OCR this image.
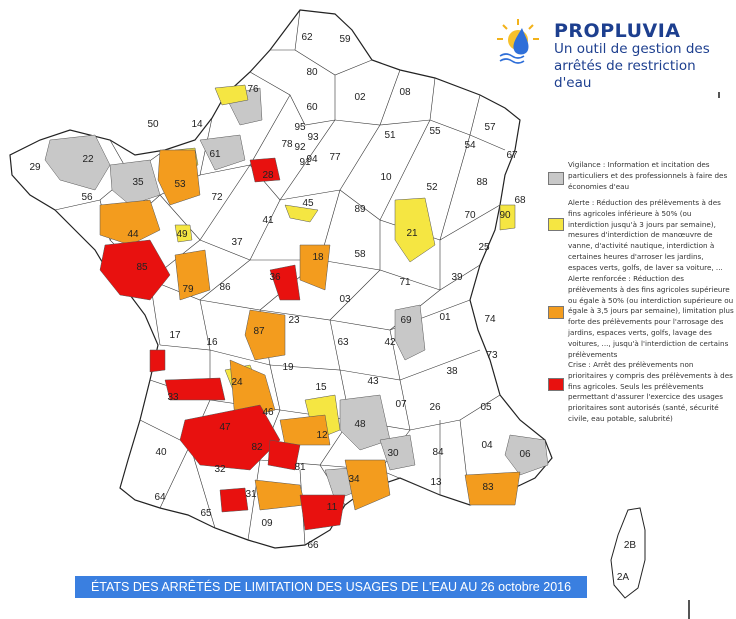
62	59
80
76
02	08
60
95
14
50
61
78
93
92
94 77
51	55	57
67
29
22
35	53
72
28
91
10
52
54
88
68
56
44	49
41
45
89
21
70
25
90
85
37
18	58
71	39
86
36
03
79
17
16
23
87
63	42
01
69	74
73
19
15
43
38
24
33
46
48
07 26	05
40
47
82
12
30	84
04
06
32	81
34	13	83
64
65
31
11
09
66	2B
2A
PROPLUVIA
Un outil de gestion des arrêtés de restriction d'eau
Vigilance : Information et incitation des particuliers et des professionnels à faire des économies d'eau
Alerte : Réduction des prélèvements à des fins agricoles inférieure à 50% (ou interdiction jusqu'à 3 jours par semaine), mesures d'interdiction de manœuvre de vanne, d'activité nautique, interdiction à certaines heures d'arroser les jardins, espaces verts, golfs, de laver sa voiture, ...
Alerte renforcée : Réduction des prélèvements à des fins agricoles supérieure ou égale à 50% (ou interdiction supérieure ou égale à 3,5 jours par semaine), limitation plus forte des prélèvements pour l'arrosage des jardins, espaces verts, golfs, lavage des voitures, ..., jusqu'à l'interdiction de certains prélèvements
Crise : Arrêt des prélèvements non prioritaires y compris des prélèvements à des fins agricoles. Seuls les prélèvements permettant d'assurer l'exercice des usages prioritaires sont autorisés (santé, sécurité civile, eau potable, salubrité)
ÉTATS DES ARRÊTÉS DE LIMITATION DES USAGES DE L'EAU AU 26 octobre 2016
